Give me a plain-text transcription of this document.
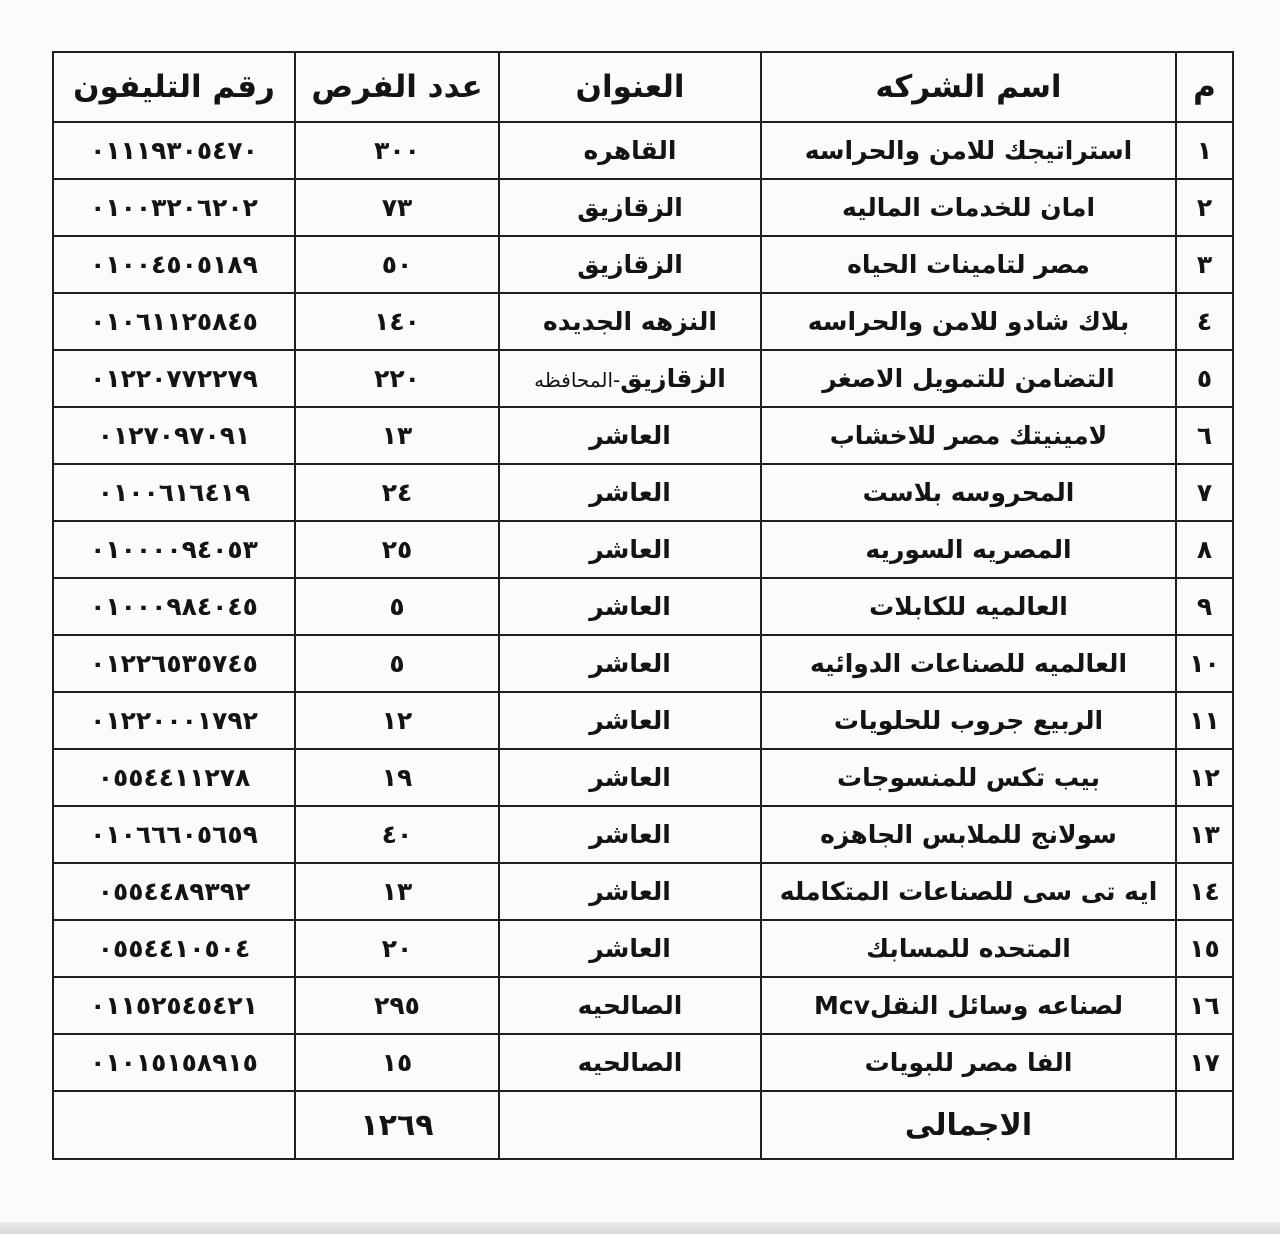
م	اسم الشركه	العنوان	عدد الفرص	رقم التليفون
١	استراتيجك للامن والحراسه	القاهره	٣٠٠	٠١١١٩٣٠٥٤٧٠
٢	امان للخدمات الماليه	الزقازيق	٧٣	٠١٠٠٣٢٠٦٢٠٢
٣	مصر لتامينات الحياه	الزقازيق	٥٠	٠١٠٠٤٥٠٥١٨٩
٤	بلاك شادو للامن والحراسه	النزهه الجديده	١٤٠	٠١٠٦١١٢٥٨٤٥
٥	التضامن للتمويل الاصغر	الزقازيق-المحافظه	٢٢٠	٠١٢٢٠٧٧٢٢٧٩
٦	لامينيتك مصر للاخشاب	العاشر	١٣	٠١٢٧٠٩٧٠٩١
٧	المحروسه بلاست	العاشر	٢٤	٠١٠٠٦١٦٤١٩
٨	المصريه السوريه	العاشر	٢٥	٠١٠٠٠٠٩٤٠٥٣
٩	العالميه للكابلات	العاشر	٥	٠١٠٠٠٩٨٤٠٤٥
١٠	العالميه للصناعات الدوائيه	العاشر	٥	٠١٢٢٦٥٣٥٧٤٥
١١	الربيع جروب للحلويات	العاشر	١٢	٠١٢٢٠٠٠١٧٩٢
١٢	بيب تكس للمنسوجات	العاشر	١٩	٠٥٥٤٤١١٢٧٨
١٣	سولانج للملابس الجاهزه	العاشر	٤٠	٠١٠٦٦٦٠٥٦٥٩
١٤	ايه تى سى للصناعات المتكامله	العاشر	١٣	٠٥٥٤٤٨٩٣٩٢
١٥	المتحده للمسابك	العاشر	٢٠	٠٥٥٤٤١٠٥٠٤
١٦	لصناعه وسائل النقلMcv	الصالحيه	٢٩٥	٠١١٥٢٥٤٥٤٢١
١٧	الفا مصر للبويات	الصالحيه	١٥	٠١٠١٥١٥٨٩١٥
	الاجمالى		١٢٦٩	
